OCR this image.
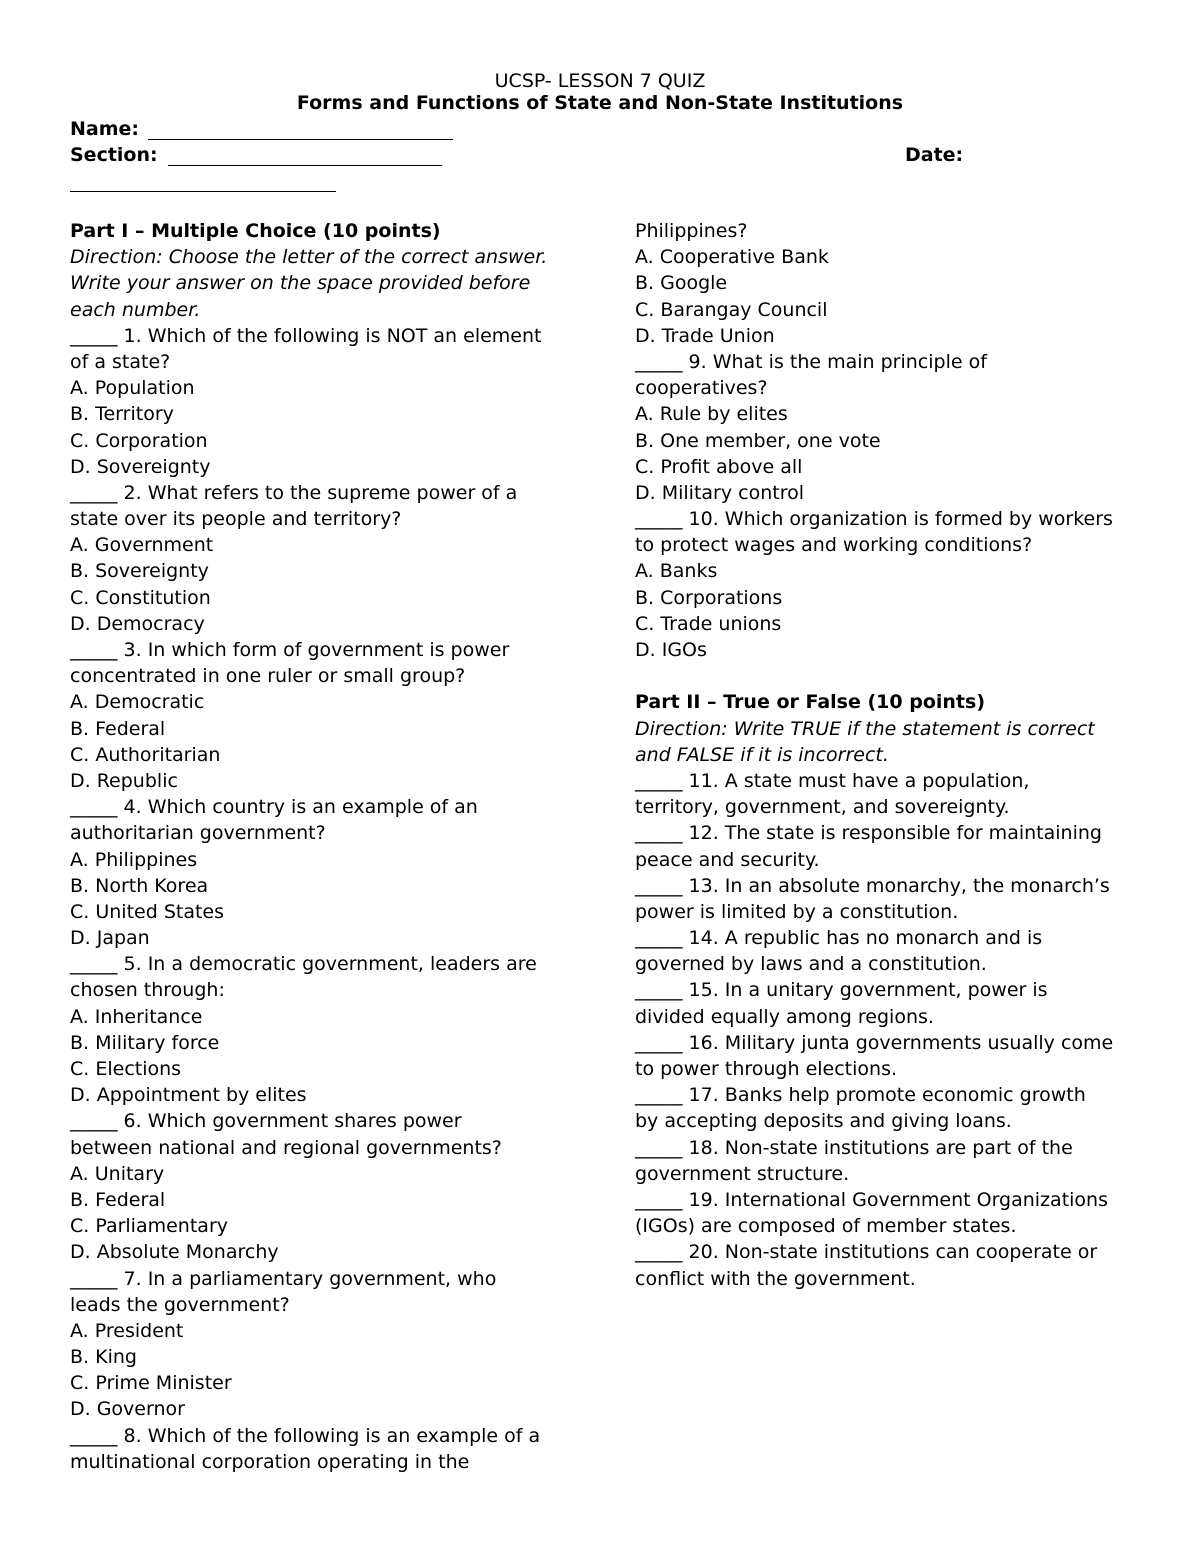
UCSP- LESSON 7 QUIZ
Forms and Functions of State and Non-State Institutions
Name:
Section:	Date:
Part I – Multiple Choice (10 points)
Direction: Choose the letter of the correct answer.
Write your answer on the space provided before
each number.
_____ 1. Which of the following is NOT an element
of a state?
A. Population
B. Territory
C. Corporation
D. Sovereignty
_____ 2. What refers to the supreme power of a
state over its people and territory?
A. Government
B. Sovereignty
C. Constitution
D. Democracy
_____ 3. In which form of government is power
concentrated in one ruler or small group?
A. Democratic
B. Federal
C. Authoritarian
D. Republic
_____ 4. Which country is an example of an
authoritarian government?
A. Philippines
B. North Korea
C. United States
D. Japan
_____ 5. In a democratic government, leaders are
chosen through:
A. Inheritance
B. Military force
C. Elections
D. Appointment by elites
_____ 6. Which government shares power
between national and regional governments?
A. Unitary
B. Federal
C. Parliamentary
D. Absolute Monarchy
_____ 7. In a parliamentary government, who
leads the government?
A. President
B. King
C. Prime Minister
D. Governor
_____ 8. Which of the following is an example of a
multinational corporation operating in the
Philippines?
A. Cooperative Bank
B. Google
C. Barangay Council
D. Trade Union
_____ 9. What is the main principle of
cooperatives?
A. Rule by elites
B. One member, one vote
C. Profit above all
D. Military control
_____ 10. Which organization is formed by workers
to protect wages and working conditions?
A. Banks
B. Corporations
C. Trade unions
D. IGOs
Part II – True or False (10 points)
Direction: Write TRUE if the statement is correct
and FALSE if it is incorrect.
_____ 11. A state must have a population,
territory, government, and sovereignty.
_____ 12. The state is responsible for maintaining
peace and security.
_____ 13. In an absolute monarchy, the monarch’s
power is limited by a constitution.
_____ 14. A republic has no monarch and is
governed by laws and a constitution.
_____ 15. In a unitary government, power is
divided equally among regions.
_____ 16. Military junta governments usually come
to power through elections.
_____ 17. Banks help promote economic growth
by accepting deposits and giving loans.
_____ 18. Non-state institutions are part of the
government structure.
_____ 19. International Government Organizations
(IGOs) are composed of member states.
_____ 20. Non-state institutions can cooperate or
conflict with the government.
